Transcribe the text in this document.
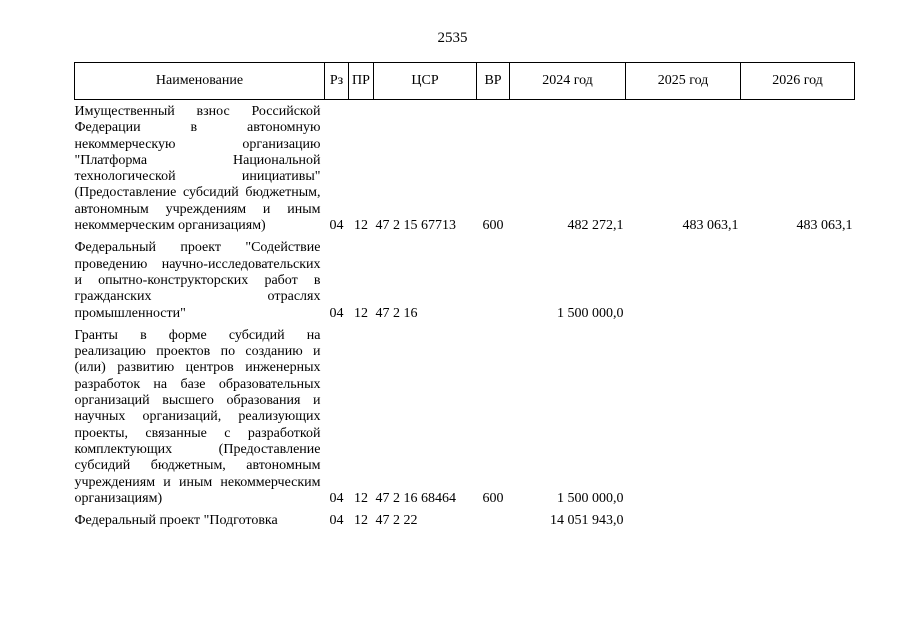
2535
Наименование	Рз	ПР	ЦСР	ВР	2024 год	2025 год	2026 год
Имущественный взнос Российской Федерации в автономную некоммерческую организацию "Платформа Национальной технологической инициативы" (Предоставление субсидий бюджетным, автономным учреждениям и иным некоммерческим организациям)	04	12	47 2 15 67713	600	482 272,1	483 063,1	483 063,1
Федеральный проект "Содействие проведению научно-исследовательских и опытно-конструкторских работ в гражданских отраслях промышленности"	04	12	47 2 16		1 500 000,0		
Гранты в форме субсидий на реализацию проектов по созданию и (или) развитию центров инженерных разработок на базе образовательных организаций высшего образования и научных организаций, реализующих проекты, связанные с разработкой комплектующих (Предоставление субсидий бюджетным, автономным учреждениям и иным некоммерческим организациям)	04	12	47 2 16 68464	600	1 500 000,0		
Федеральный проект "Подготовка	04	12	47 2 22		14 051 943,0		
